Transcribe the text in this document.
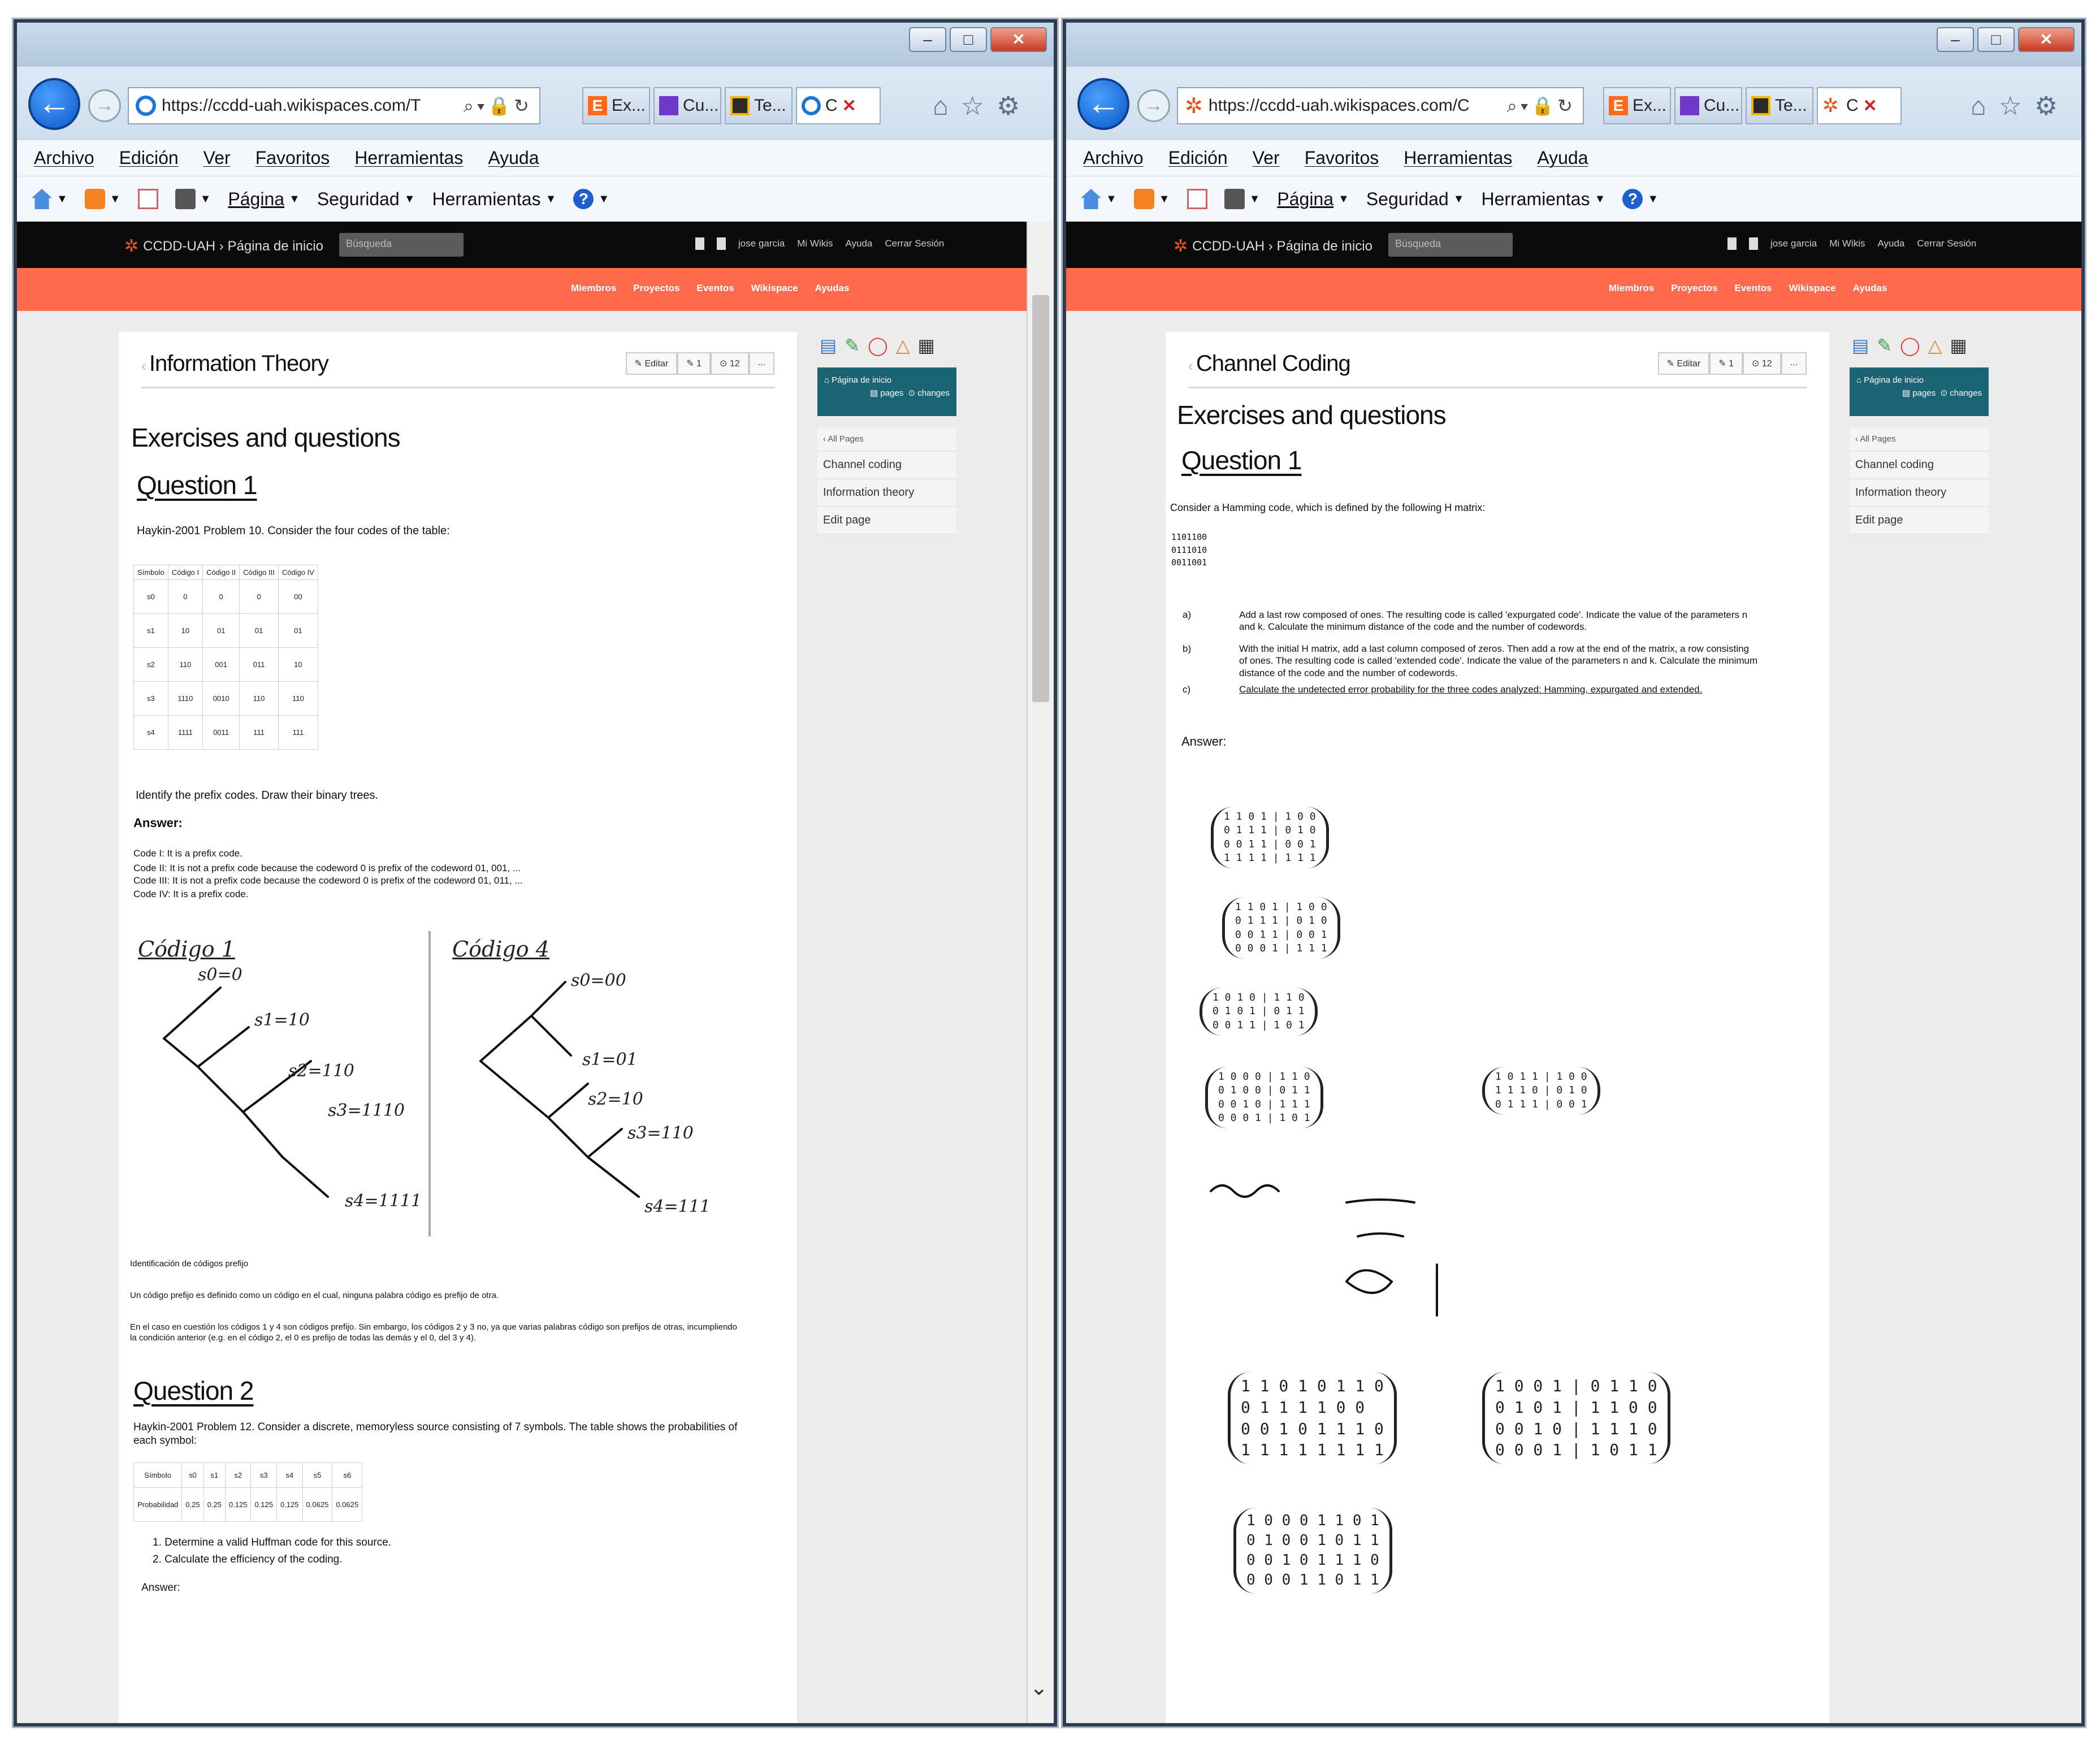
–	□	✕
←	→	https://ccdd-uah.wikispaces.com/T ⌕▾🔒↻	E Ex... Cu... Te... C ✕	⌂ ☆ ⚙
Archivo Edición Ver Favoritos Herramientas Ayuda
▼	▼	▼ Página ▼ Seguridad ▼ Herramientas ▼	? ▼
✲ CCDD-UAH › Página de inicio	Búsqueda	jose garcia Mi Wikis Ayuda Cerrar Sesión
Miembros Proyectos Eventos Wikispace Ayudas
‹ Information Theory	✎ Editar	✎ 1	⊙ 12	...
Exercises and questions
Question 1
Haykin-2001 Problem 10. Consider the four codes of the table:
Símbolo	Código I	Código II	Código III	Código IV
s0	0	0	0	00
s1	10	01	01	01
s2	110	001	011	10
s3	1110	0010	110	110
s4	1111	0011	111	111
Identify the prefix codes. Draw their binary trees.
Answer:
Code I: It is a prefix code.
Code II: It is not a prefix code because the codeword 0 is prefix of the codeword 01, 001, ...
Code III: It is not a prefix code because the codeword 0 is prefix of the codeword 01, 011, ...
Code IV: It is a prefix code.
Código 1
s0=0
s1=10
s2=110
s3=1110
s4=1111
Código 4
s0=00
s1=01
s2=10
s3=110
s4=111
Identificación de códigos prefijo
Un código prefijo es definido como un código en el cual, ninguna palabra código es prefijo de otra.
En el caso en cuestión los códigos 1 y 4 son códigos prefijo. Sin embargo, los códigos 2 y 3 no, ya que varias palabras código son prefijos de otras, incumpliendo la condición anterior (e.g. en el código 2, el 0 es prefijo de todas las demás y el 0, del 3 y 4).
Question 2
Haykin-2001 Problem 12. Consider a discrete, memoryless source consisting of 7 symbols. The table shows the probabilities of each symbol:
Símbolo	s0	s1	s2	s3	s4	s5	s6
Probabilidad	0.25	0.25	0.125	0.125	0.125	0.0625	0.0625
1. Determine a valid Huffman code for this source.
2. Calculate the efficiency of the coding.
Answer:
▤ ✎ ◯ △ ▦
⌂ Página de inicio
▤ pages  ⊙ changes
‹ All Pages
Channel coding
Information theory
Edit page
⌄
–	□	✕
←	→	✲ https://ccdd-uah.wikispaces.com/C ⌕▾🔒↻ E Ex... Cu... Te... ✲ C ✕	⌂ ☆ ⚙
Archivo Edición Ver Favoritos Herramientas Ayuda
▼	▼	▼ Página ▼ Seguridad ▼ Herramientas ▼	? ▼
✲ CCDD-UAH › Página de inicio	Búsqueda	jose garcia Mi Wikis Ayuda Cerrar Sesión
Miembros Proyectos Eventos Wikispace Ayudas
‹ Channel Coding	✎ Editar	✎ 1	⊙ 12	...
Exercises and questions
Question 1
Consider a Hamming code, which is defined by the following H matrix:
1101100
0111010
0011001
a)	Add a last row composed of ones. The resulting code is called 'expurgated code'. Indicate the value of the parameters n and k. Calculate the minimum distance of the code and the number of codewords.
b)	With the initial H matrix, add a last column composed of zeros. Then add a row at the end of the matrix, a row consisting of ones. The resulting code is called 'extended code'. Indicate the value of the parameters n and k. Calculate the minimum distance of the code and the number of codewords.
c)	Calculate the undetected error probability for the three codes analyzed: Hamming, expurgated and extended.
Answer:
1 1 0 1 | 1 0 0
0 1 1 1 | 0 1 0
0 0 1 1 | 0 0 1
1 1 1 1 | 1 1 1
1 1 0 1 | 1 0 0
0 1 1 1 | 0 1 0
0 0 1 1 | 0 0 1
0 0 0 1 | 1 1 1
1 0 1 0 | 1 1 0
0 1 0 1 | 0 1 1
0 0 1 1 | 1 0 1
1 0 0 0 | 1 1 0
0 1 0 0 | 0 1 1
0 0 1 0 | 1 1 1
0 0 0 1 | 1 0 1
1 0 1 1 | 1 0 0
1 1 1 0 | 0 1 0
0 1 1 1 | 0 0 1
1 1 0 1 0 1 1 0
0 1 1 1 1 0 0
0 0 1 0 1 1 1 0
1 1 1 1 1 1 1 1
1 0 0 1 | 0 1 1 0
0 1 0 1 | 1 1 0 0
0 0 1 0 | 1 1 1 0
0 0 0 1 | 1 0 1 1
1 0 0 0 1 1 0 1
0 1 0 0 1 0 1 1
0 0 1 0 1 1 1 0
0 0 0 1 1 0 1 1
▤ ✎ ◯ △ ▦
⌂ Página de inicio
▤ pages  ⊙ changes
‹ All Pages
Channel coding
Information theory
Edit page
